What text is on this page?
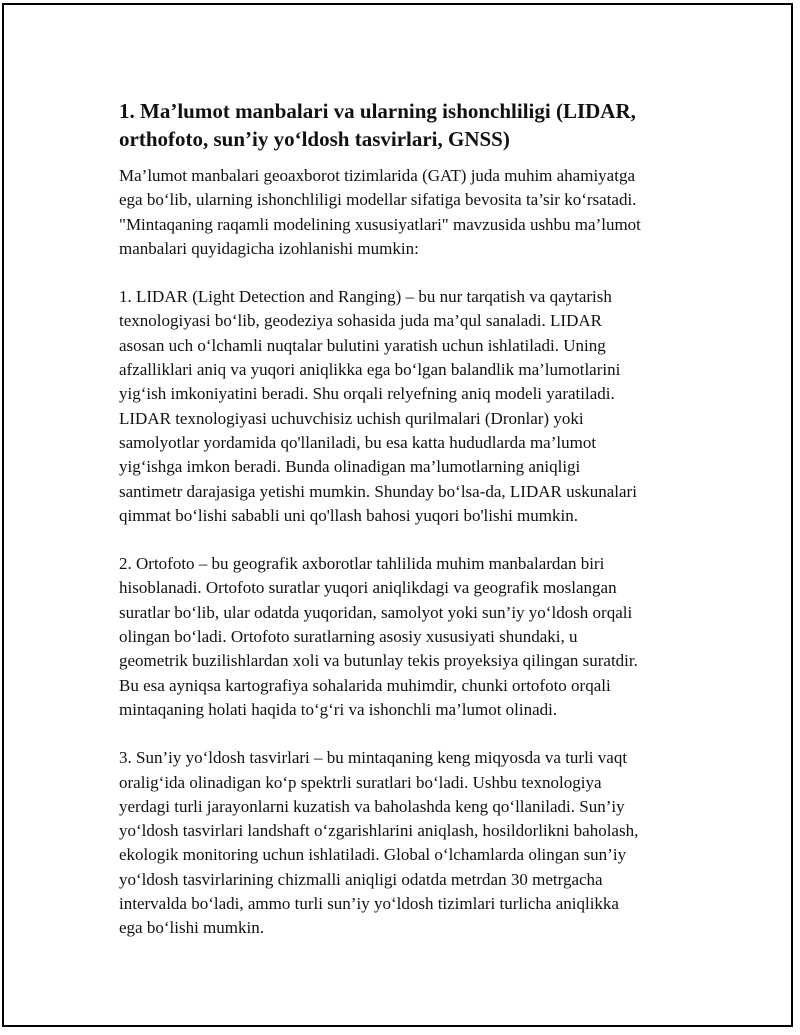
1. Ma’lumot manbalari va ularning ishonchliligi (LIDAR, orthofoto, sun’iy yo‘ldosh tasvirlari, GNSS)

Ma’lumot manbalari geoaxborot tizimlarida (GAT) juda muhim ahamiyatga
ega bo‘lib, ularning ishonchliligi modellar sifatiga bevosita ta’sir ko‘rsatadi.
"Mintaqaning raqamli modelining xususiyatlari" mavzusida ushbu ma’lumot
manbalari quyidagicha izohlanishi mumkin:

1. LIDAR (Light Detection and Ranging) – bu nur tarqatish va qaytarish
texnologiyasi bo‘lib, geodeziya sohasida juda ma’qul sanaladi. LIDAR
asosan uch o‘lchamli nuqtalar bulutini yaratish uchun ishlatiladi. Uning
afzalliklari aniq va yuqori aniqlikka ega bo‘lgan balandlik ma’lumotlarini
yig‘ish imkoniyatini beradi. Shu orqali relyefning aniq modeli yaratiladi.
LIDAR texnologiyasi uchuvchisiz uchish qurilmalari (Dronlar) yoki
samolyotlar yordamida qo'llaniladi, bu esa katta hududlarda ma’lumot
yig‘ishga imkon beradi. Bunda olinadigan ma’lumotlarning aniqligi
santimetr darajasiga yetishi mumkin. Shunday bo‘lsa-da, LIDAR uskunalari
qimmat bo‘lishi sababli uni qo'llash bahosi yuqori bo'lishi mumkin.

2. Ortofoto – bu geografik axborotlar tahlilida muhim manbalardan biri
hisoblanadi. Ortofoto suratlar yuqori aniqlikdagi va geografik moslangan
suratlar bo‘lib, ular odatda yuqoridan, samolyot yoki sun’iy yo‘ldosh orqali
olingan bo‘ladi. Ortofoto suratlarning asosiy xususiyati shundaki, u
geometrik buzilishlardan xoli va butunlay tekis proyeksiya qilingan suratdir.
Bu esa ayniqsa kartografiya sohalarida muhimdir, chunki ortofoto orqali
mintaqaning holati haqida to‘g‘ri va ishonchli ma’lumot olinadi.

3. Sun’iy yo‘ldosh tasvirlari – bu mintaqaning keng miqyosda va turli vaqt
oralig‘ida olinadigan ko‘p spektrli suratlari bo‘ladi. Ushbu texnologiya
yerdagi turli jarayonlarni kuzatish va baholashda keng qo‘llaniladi. Sun’iy
yo‘ldosh tasvirlari landshaft o‘zgarishlarini aniqlash, hosildorlikni baholash,
ekologik monitoring uchun ishlatiladi. Global o‘lchamlarda olingan sun’iy
yo‘ldosh tasvirlarining chizmalli aniqligi odatda metrdan 30 metrgacha
intervalda bo‘ladi, ammo turli sun’iy yo‘ldosh tizimlari turlicha aniqlikka
ega bo‘lishi mumkin.
